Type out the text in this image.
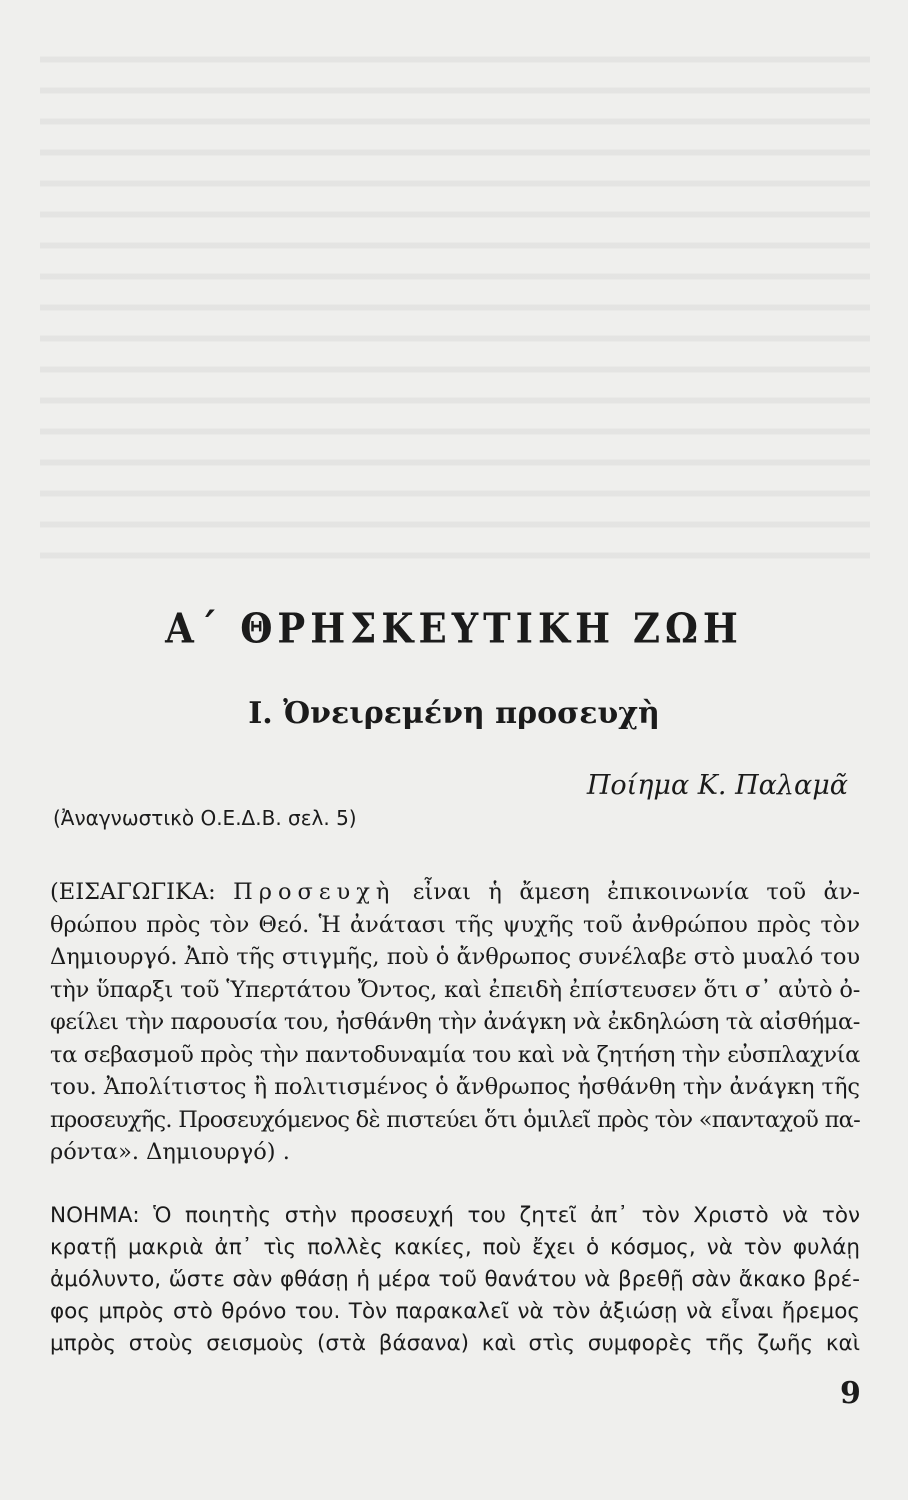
Α΄ ΘΡΗΣΚΕΥΤΙΚΗ ΖΩΗ
Ι. Ὀνειρεμένη προσευχὴ
Ποίημα Κ. Παλαμᾶ
(Ἀναγνωστικὸ Ο.Ε.Δ.Β. σελ. 5)
(ΕΙΣΑΓΩΓΙΚΑ: Προσευχὴ εἶναι ἡ ἄμεση ἐπικοινωνία τοῦ ἀν-
θρώπου πρὸς τὸν Θεό. Ἡ ἀνάτασι τῆς ψυχῆς τοῦ ἀνθρώπου πρὸς τὸν
Δημιουργό. Ἀπὸ τῆς στιγμῆς, ποὺ ὁ ἄνθρωπος συνέλαβε στὸ μυαλό του
τὴν ὕπαρξι τοῦ Ὑπερτάτου Ὄντος, καὶ ἐπειδὴ ἐπίστευσεν ὅτι σ᾽ αὐτὸ ὀ-
φείλει τὴν παρουσία του, ἠσθάνθη τὴν ἀνάγκη νὰ ἐκδηλώση τὰ αἰσθήμα-
τα σεβασμοῦ πρὸς τὴν παντοδυναμία του καὶ νὰ ζητήση τὴν εὐσπλαχνία
του. Ἀπολίτιστος ἢ πολιτισμένος ὁ ἄνθρωπος ἠσθάνθη τὴν ἀνάγκη τῆς
προσευχῆς. Προσευχόμενος δὲ πιστεύει ὅτι ὁμιλεῖ πρὸς τὸν «πανταχοῦ πα-
ρόντα». Δημιουργό) .
ΝΟΗΜΑ: Ὁ ποιητὴς στὴν προσευχή του ζητεῖ ἀπ᾽ τὸν Χριστὸ νὰ τὸν
κρατῇ μακριὰ ἀπ᾽ τὶς πολλὲς κακίες, ποὺ ἔχει ὁ κόσμος, νὰ τὸν φυλάῃ
ἀμόλυντο, ὥστε σὰν φθάσῃ ἡ μέρα τοῦ θανάτου νὰ βρεθῇ σὰν ἄκακο βρέ-
φος μπρὸς στὸ θρόνο του. Τὸν παρακαλεῖ νὰ τὸν ἀξιώσῃ νὰ εἶναι ἤρεμος
μπρὸς στοὺς σεισμοὺς (στὰ βάσανα) καὶ στὶς συμφορὲς τῆς ζωῆς καὶ
9
